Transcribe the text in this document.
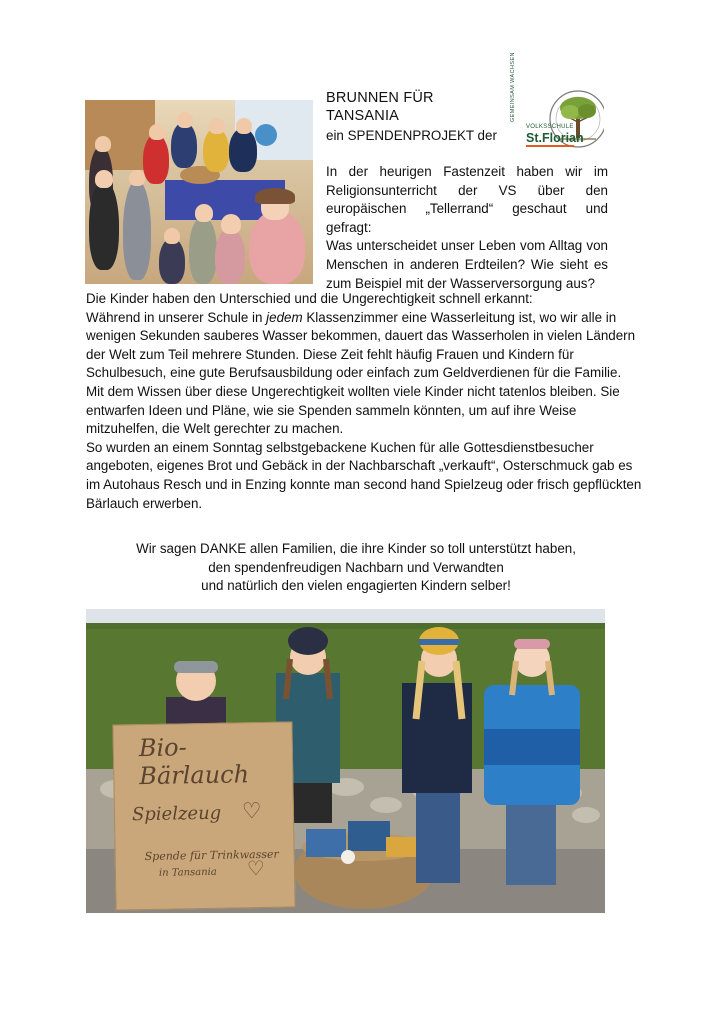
BRUNNEN FÜR
TANSANIA
ein SPENDENPROJEKT der
GEMEINSAM WACHSEN
VOLKSSCHULE
St.Florian

In der heurigen Fastenzeit haben wir im Religionsunterricht der VS über den europäischen „Tellerrand“ geschaut und gefragt:

Was unterscheidet unser Leben vom Alltag von Menschen in anderen Erdteilen? Wie sieht es zum Beispiel mit der Wasserversorgung aus?

Die Kinder haben den Unterschied und die Ungerechtigkeit schnell erkannt:

Während in unserer Schule in jedem Klassenzimmer eine Wasserleitung ist, wo wir alle in wenigen Sekunden sauberes Wasser bekommen, dauert das Wasserholen in vielen Ländern der Welt zum Teil mehrere Stunden. Diese Zeit fehlt häufig Frauen und Kindern für Schulbesuch, eine gute Berufsausbildung oder einfach zum Geldverdienen für die Familie.

Mit dem Wissen über diese Ungerechtigkeit wollten viele Kinder nicht tatenlos bleiben. Sie entwarfen Ideen und Pläne, wie sie Spenden sammeln könnten, um auf ihre Weise mitzuhelfen, die Welt gerechter zu machen.

So wurden an einem Sonntag selbstgebackene Kuchen für alle Gottesdienstbesucher angeboten, eigenes Brot und Gebäck in der Nachbarschaft „verkauft“, Osterschmuck gab es im Autohaus Resch und in Enzing konnte man second hand Spielzeug oder frisch gepflückten Bärlauch erwerben.

Wir sagen DANKE allen Familien, die ihre Kinder so toll unterstützt haben,

den spendenfreudigen Nachbarn und Verwandten

und natürlich den vielen engagierten Kindern selber!

Bio-Bärlauch
Spielzeug ♡
Spende für Trinkwasser
in Tansania ♡
